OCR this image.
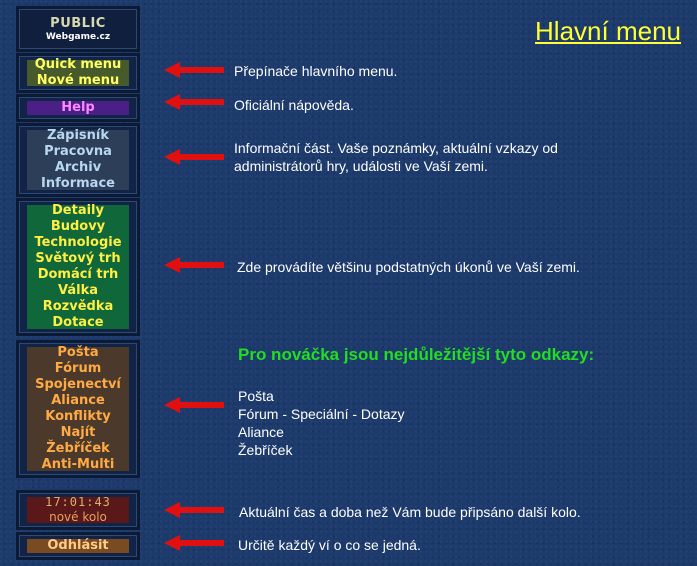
PUBLIC
Webgame.cz
Quick menu
Nové menu
Help
Zápisník
Pracovna
Archiv
Informace
Detaily
Budovy
Technologie
Světový trh
Domácí trh
Válka
Rozvědka
Dotace
Pošta
Fórum
Spojenectví
Aliance
Konflikty
Najít
Žebříček
Anti-Multi
17:01:43
nové kolo
Odhlásit
Hlavní menu
Přepínače hlavního menu.
Oficiální nápověda.
Informační část. Vaše poznámky, aktuální vzkazy od
administrátorů hry, události ve Vaší zemi.
Zde provádíte většinu podstatných úkonů ve Vaší zemi.
Pro nováčka jsou nejdůležitější tyto odkazy:
Pošta
Fórum - Speciální - Dotazy
Aliance
Žebříček
Aktuální čas a doba než Vám bude připsáno další kolo.
Určitě každý ví o co se jedná.
